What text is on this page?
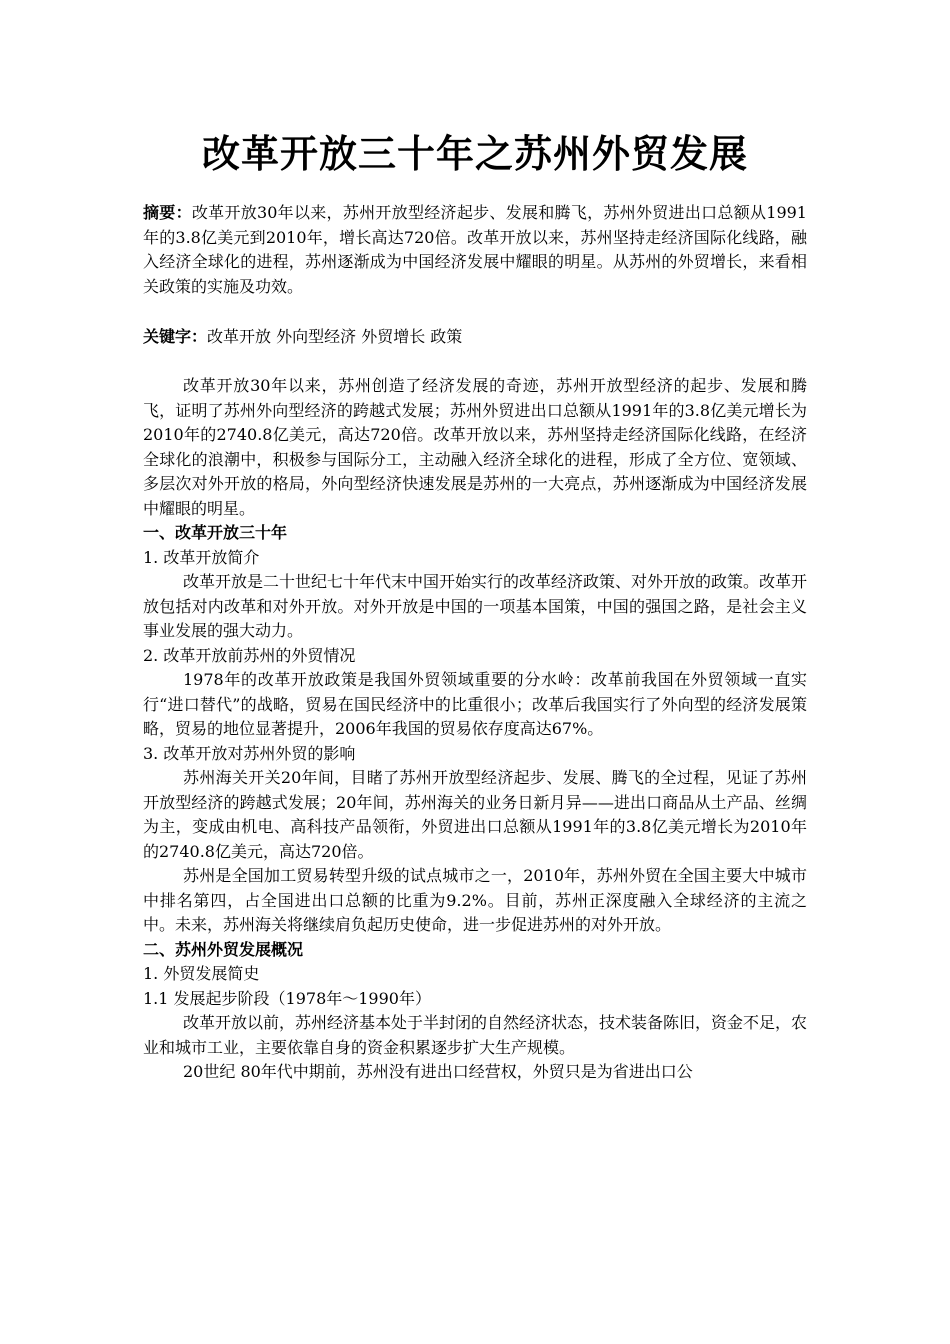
改革开放三十年之苏州外贸发展

摘要：改革开放30年以来，苏州开放型经济起步、发展和腾飞，苏州外贸进出口总额从1991年的3.8亿美元到2010年，增长高达720倍。改革开放以来，苏州坚持走经济国际化线路，融入经济全球化的进程，苏州逐渐成为中国经济发展中耀眼的明星。从苏州的外贸增长，来看相关政策的实施及功效。

关键字：改革开放 外向型经济 外贸增长 政策

改革开放30年以来，苏州创造了经济发展的奇迹，苏州开放型经济的起步、发展和腾飞，证明了苏州外向型经济的跨越式发展；苏州外贸进出口总额从1991年的3.8亿美元增长为2010年的2740.8亿美元，高达720倍。改革开放以来，苏州坚持走经济国际化线路，在经济全球化的浪潮中，积极参与国际分工，主动融入经济全球化的进程，形成了全方位、宽领域、多层次对外开放的格局，外向型经济快速发展是苏州的一大亮点，苏州逐渐成为中国经济发展中耀眼的明星。

一、改革开放三十年

1. 改革开放简介

改革开放是二十世纪七十年代末中国开始实行的改革经济政策、对外开放的政策。改革开放包括对内改革和对外开放。对外开放是中国的一项基本国策，中国的强国之路，是社会主义事业发展的强大动力。

2. 改革开放前苏州的外贸情况

1978年的改革开放政策是我国外贸领域重要的分水岭：改革前我国在外贸领域一直实行“进口替代”的战略，贸易在国民经济中的比重很小；改革后我国实行了外向型的经济发展策略，贸易的地位显著提升，2006年我国的贸易依存度高达67%。

3. 改革开放对苏州外贸的影响

苏州海关开关20年间，目睹了苏州开放型经济起步、发展、腾飞的全过程，见证了苏州开放型经济的跨越式发展；20年间，苏州海关的业务日新月异——进出口商品从土产品、丝绸为主，变成由机电、高科技产品领衔，外贸进出口总额从1991年的3.8亿美元增长为2010年的2740.8亿美元，高达720倍。

苏州是全国加工贸易转型升级的试点城市之一，2010年，苏州外贸在全国主要大中城市中排名第四，占全国进出口总额的比重为9.2%。目前，苏州正深度融入全球经济的主流之中。未来，苏州海关将继续肩负起历史使命，进一步促进苏州的对外开放。

二、苏州外贸发展概况

1. 外贸发展简史

1.1 发展起步阶段（1978年～1990年）

改革开放以前，苏州经济基本处于半封闭的自然经济状态，技术装备陈旧，资金不足，农业和城市工业，主要依靠自身的资金积累逐步扩大生产规模。

20世纪 80年代中期前，苏州没有进出口经营权，外贸只是为省进出口公
